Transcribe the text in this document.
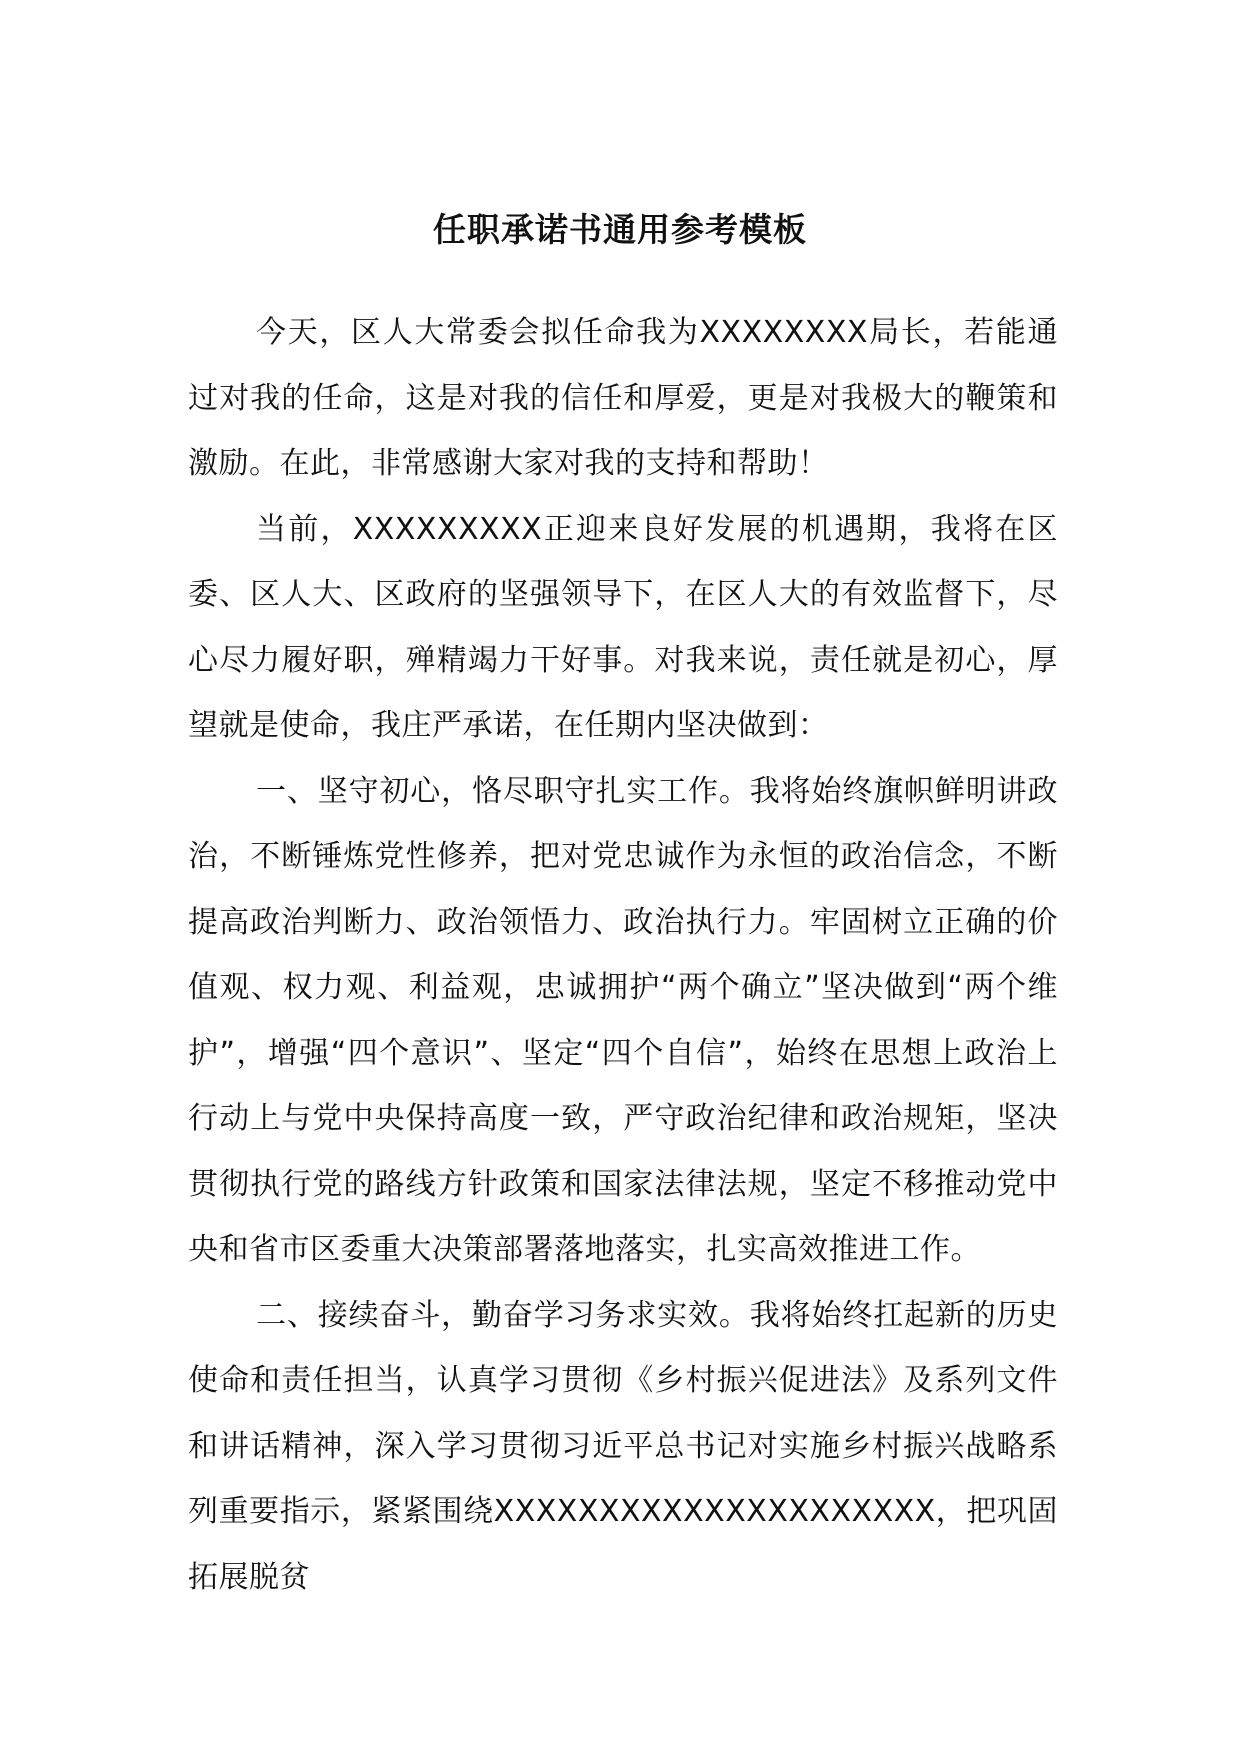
任职承诺书通用参考模板

今天，区人大常委会拟任命我为XXXXXXXX局长，若能通过对我的任命，这是对我的信任和厚爱，更是对我极大的鞭策和激励。在此，非常感谢大家对我的支持和帮助！

当前，XXXXXXXXX正迎来良好发展的机遇期，我将在区委、区人大、区政府的坚强领导下，在区人大的有效监督下，尽心尽力履好职，殚精竭力干好事。对我来说，责任就是初心，厚望就是使命，我庄严承诺，在任期内坚决做到：

一、坚守初心，恪尽职守扎实工作。我将始终旗帜鲜明讲政治，不断锤炼党性修养，把对党忠诚作为永恒的政治信念，不断提高政治判断力、政治领悟力、政治执行力。牢固树立正确的价值观、权力观、利益观，忠诚拥护“两个确立”坚决做到“两个维护”，增强“四个意识”、坚定“四个自信”，始终在思想上政治上行动上与党中央保持高度一致，严守政治纪律和政治规矩，坚决贯彻执行党的路线方针政策和国家法律法规，坚定不移推动党中央和省市区委重大决策部署落地落实，扎实高效推进工作。

二、接续奋斗，勤奋学习务求实效。我将始终扛起新的历史使命和责任担当，认真学习贯彻《乡村振兴促进法》及系列文件和讲话精神，深入学习贯彻习近平总书记对实施乡村振兴战略系列重要指示，紧紧围绕XXXXXXXXXXXXXXXXXXXXX，把巩固拓展脱贫
